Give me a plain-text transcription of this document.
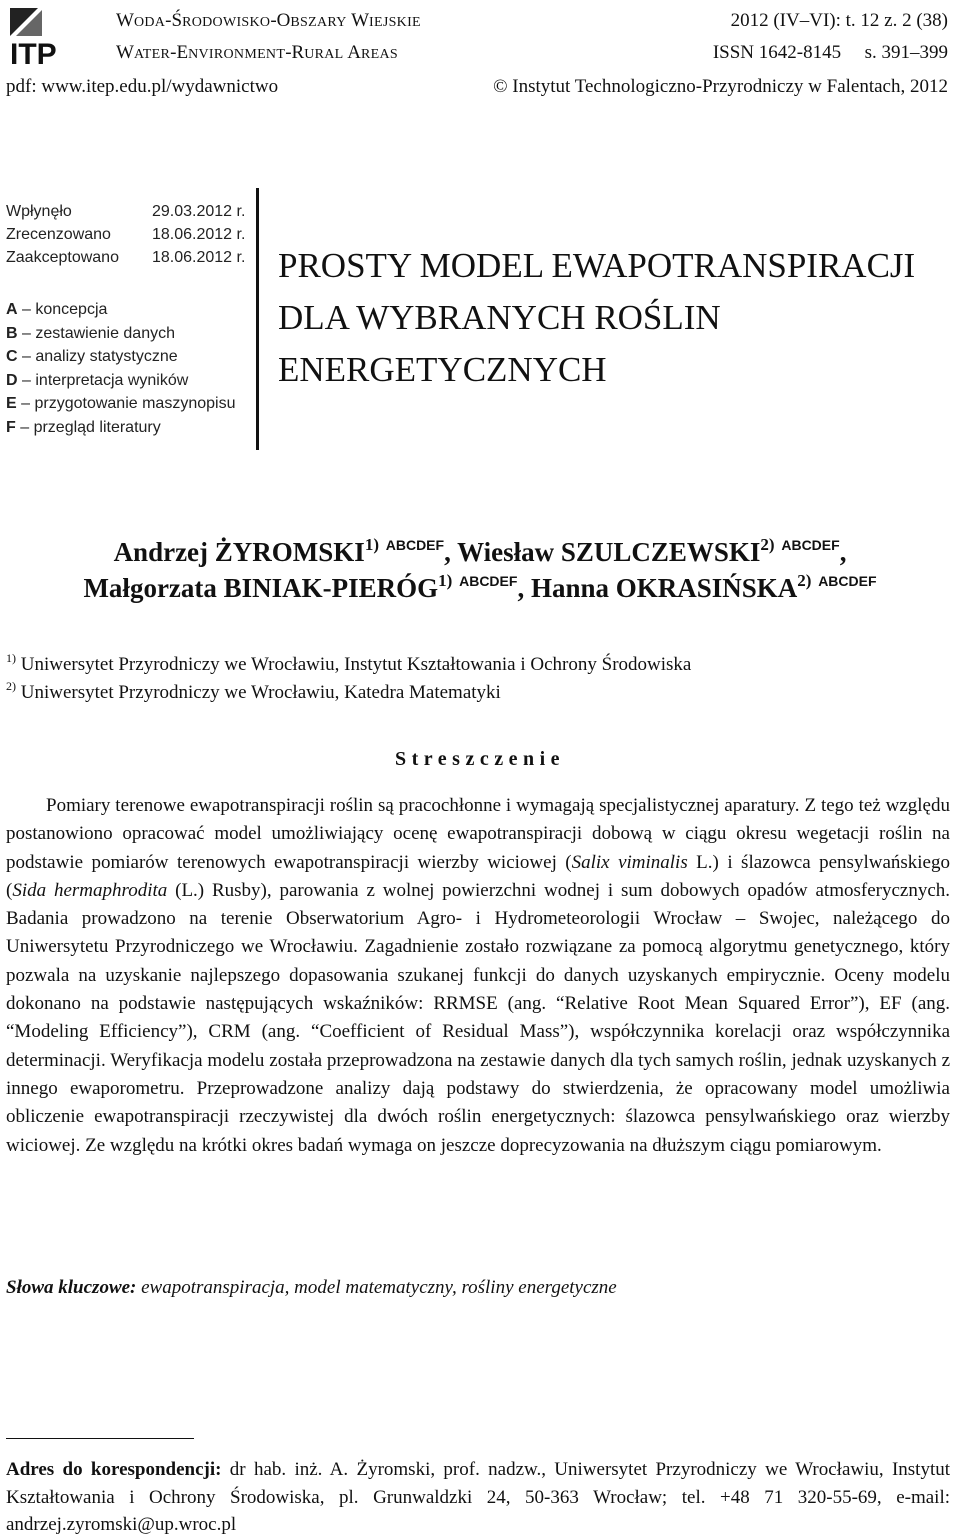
ITP
WODA-ŚRODOWISKO-OBSZARY WIEJSKIE
WATER-ENVIRONMENT-RURAL AREAS
2012 (IV–VI): t. 12 z. 2 (38)
ISSN 1642-8145 s. 391–399
pdf: www.itep.edu.pl/wydawnictwo	© Instytut Technologiczno-Przyrodniczy w Falentach, 2012
Wpłynęło	29.03.2012 r.
Zrecenzowano	18.06.2012 r.
Zaakceptowano 18.06.2012 r.
A – koncepcja
B – zestawienie danych
C – analizy statystyczne
D – interpretacja wyników
E – przygotowanie maszynopisu
F – przegląd literatury
PROSTY MODEL EWAPOTRANSPIRACJI
DLA WYBRANYCH ROŚLIN
ENERGETYCZNYCH
Andrzej ŻYROMSKI$^{1)}$ $^{ABCDEF}$, Wiesław SZULCZEWSKI$^{2)}$ $^{ABCDEF}$,
Małgorzata BINIAK-PIERÓG$^{1)}$ $^{ABCDEF}$, Hanna OKRASIŃSKA$^{2)}$ $^{ABCDEF}$
$^{1)}$ Uniwersytet Przyrodniczy we Wrocławiu, Instytut Kształtowania i Ochrony Środowiska
$^{2)}$ Uniwersytet Przyrodniczy we Wrocławiu, Katedra Matematyki
Streszczenie

Pomiary terenowe ewapotranspiracji roślin są pracochłonne i wymagają specjalistycznej aparatury. Z tego też względu postanowiono opracować model umożliwiający ocenę ewapotranspiracji dobową w ciągu okresu wegetacji roślin na podstawie pomiarów terenowych ewapotranspiracji wierzby wiciowej (Salix viminalis L.) i ślazowca pensylwańskiego (Sida hermaphrodita (L.) Rusby), parowania z wolnej powierzchni wodnej i sum dobowych opadów atmosferycznych. Badania prowadzono na terenie Obserwatorium Agro- i Hydrometeorologii Wrocław – Swojec, należącego do Uniwersytetu Przyrodniczego we Wrocławiu. Zagadnienie zostało rozwiązane za pomocą algorytmu genetycznego, który pozwala na uzyskanie najlepszego dopasowania szukanej funkcji do danych uzyskanych empirycznie. Oceny modelu dokonano na podstawie następujących wskaźników: RRMSE (ang. “Relative Root Mean Squared Error”), EF (ang. “Modeling Efficiency”), CRM (ang. “Coefficient of Residual Mass”), współczynnika korelacji oraz współczynnika determinacji. Weryfikacja modelu została przeprowadzona na zestawie danych dla tych samych roślin, jednak uzyskanych z innego ewaporometru. Przeprowadzone analizy dają podstawy do stwierdzenia, że opracowany model umożliwia obliczenie ewapotranspiracji rzeczywistej dla dwóch roślin energetycznych: ślazowca pensylwańskiego oraz wierzby wiciowej. Ze względu na krótki okres badań wymaga on jeszcze doprecyzowania na dłuższym ciągu pomiarowym.

Słowa kluczowe: ewapotranspiracja, model matematyczny, rośliny energetyczne
Adres do korespondencji: dr hab. inż. A. Żyromski, prof. nadzw., Uniwersytet Przyrodniczy we Wrocławiu, Instytut Kształtowania i Ochrony Środowiska, pl. Grunwaldzki 24, 50-363 Wrocław; tel. +48 71 320-55-69, e-mail: andrzej.zyromski@up.wroc.pl
